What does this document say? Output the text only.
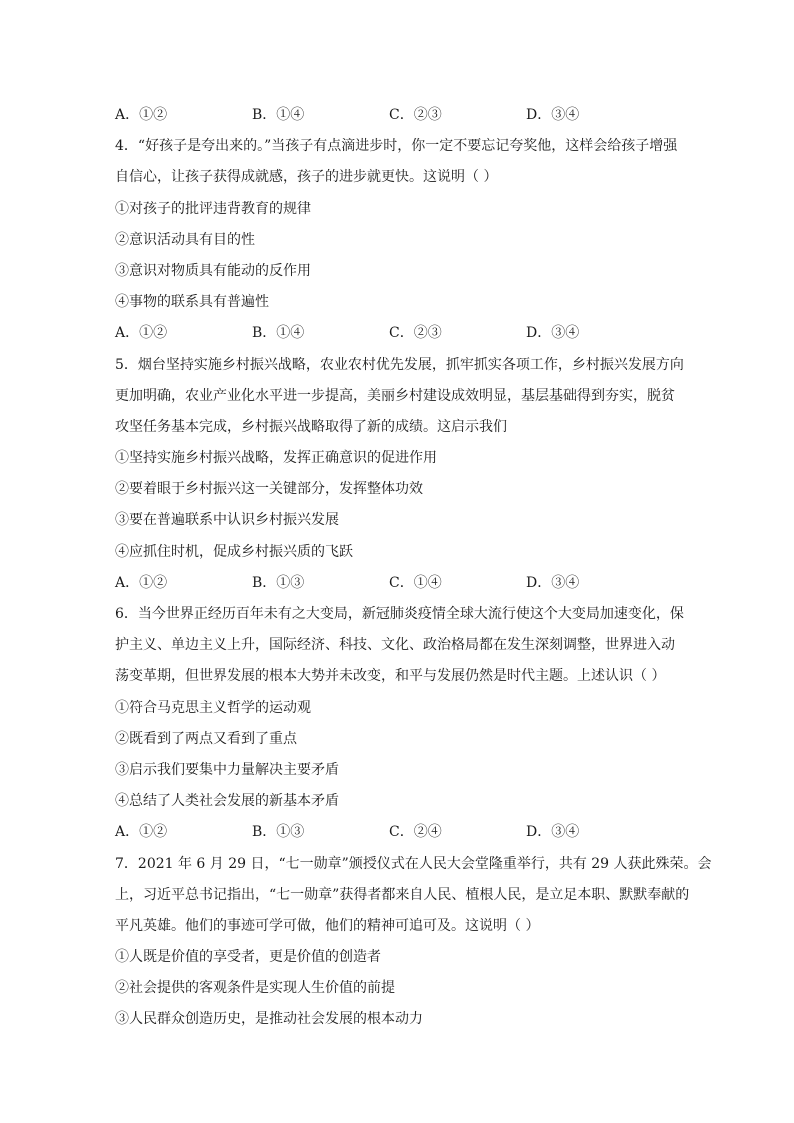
A．①②	B．①④	C．②③	D．③④
4．“好孩子是夸出来的。”当孩子有点滴进步时，你一定不要忘记夸奖他，这样会给孩子增强
自信心，让孩子获得成就感，孩子的进步就更快。这说明（ ）
①对孩子的批评违背教育的规律
②意识活动具有目的性
③意识对物质具有能动的反作用
④事物的联系具有普遍性
A．①②	B．①④	C．②③	D．③④
5．烟台坚持实施乡村振兴战略，农业农村优先发展，抓牢抓实各项工作，乡村振兴发展方向
更加明确，农业产业化水平进一步提高，美丽乡村建设成效明显，基层基础得到夯实，脱贫
攻坚任务基本完成，乡村振兴战略取得了新的成绩。这启示我们
①坚持实施乡村振兴战略，发挥正确意识的促进作用
②要着眼于乡村振兴这一关键部分，发挥整体功效
③要在普遍联系中认识乡村振兴发展
④应抓住时机，促成乡村振兴质的飞跃
A．①②	B．①③	C．①④	D．③④
6．当今世界正经历百年未有之大变局，新冠肺炎疫情全球大流行使这个大变局加速变化，保
护主义、单边主义上升，国际经济、科技、文化、政治格局都在发生深刻调整，世界进入动
荡变革期，但世界发展的根本大势并未改变，和平与发展仍然是时代主题。上述认识（ ）
①符合马克思主义哲学的运动观
②既看到了两点又看到了重点
③启示我们要集中力量解决主要矛盾
④总结了人类社会发展的新基本矛盾
A．①②	B．①③	C．②④	D．③④
7．2021 年 6 月 29 日，“七一勋章”颁授仪式在人民大会堂隆重举行，共有 29 人获此殊荣。会
上，习近平总书记指出，“七一勋章”获得者都来自人民、植根人民，是立足本职、默默奉献的
平凡英雄。他们的事迹可学可做，他们的精神可追可及。这说明（ ）
①人既是价值的享受者，更是价值的创造者
②社会提供的客观条件是实现人生价值的前提
③人民群众创造历史，是推动社会发展的根本动力
